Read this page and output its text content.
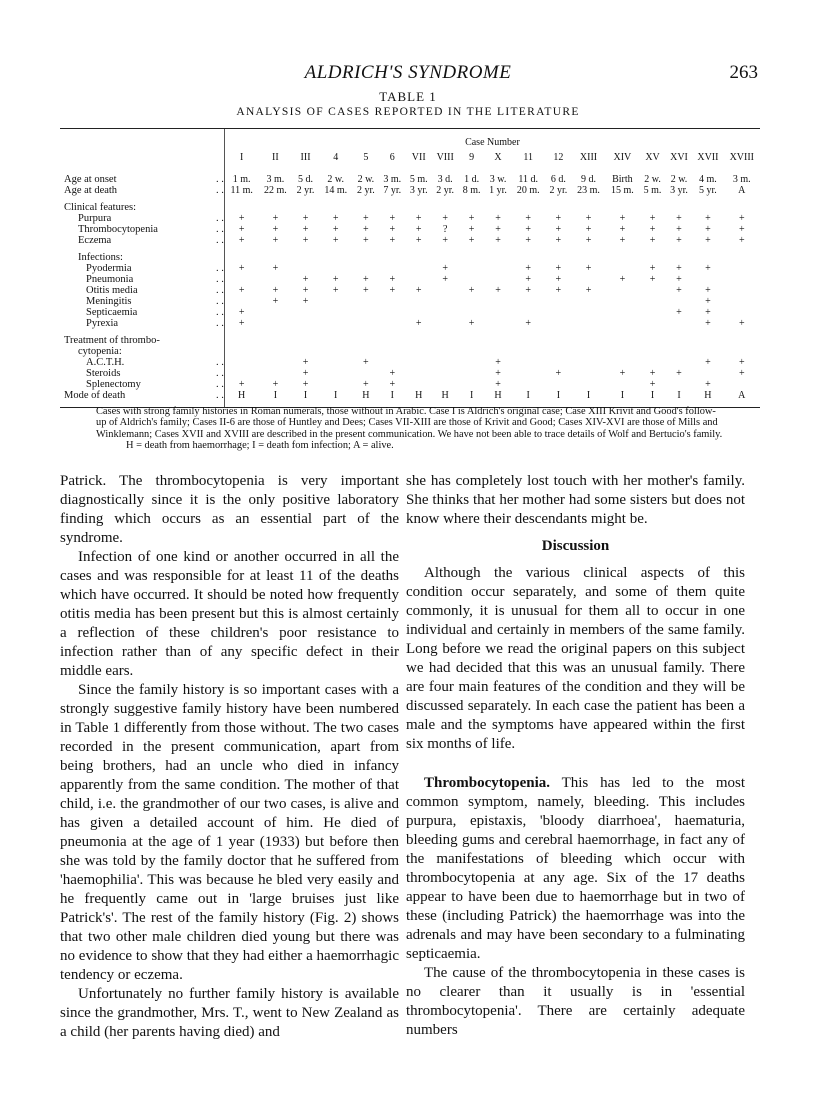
ALDRICH'S SYNDROME	263
TABLE 1
ANALYSIS OF CASES REPORTED IN THE LITERATURE
		Case Number																	
		I	II	III	4	5	6	VII	VIII	9	X	11	12	XIII	XIV	XV	XVI	XVII	XVIII

Age at onset	. .	1 m.	3 m.	5 d.	2 w.	2 w.	3 m.	5 m.	3 d.	1 d.	3 w.	11 d.	6 d.	9 d.	Birth	2 w.	2 w.	4 m.	3 m.
Age at death	. .	11 m.	22 m.	2 yr.	14 m.	2 yr.	7 yr.	3 yr.	2 yr.	8 m.	1 yr.	20 m.	2 yr.	23 m.	15 m.	5 m.	3 yr.	5 yr.	A

Clinical features:																			
Purpura	. .	+	+	+	+	+	+	+	+	+	+	+	+	+	+	+	+	+	+
Thrombocytopenia	. .	+	+	+	+	+	+	+	?	+	+	+	+	+	+	+	+	+	+
Eczema	. .	+	+	+	+	+	+	+	+	+	+	+	+	+	+	+	+	+	+

Infections:																			
Pyodermia	. .	+	+						+			+	+	+		+	+	+	
Pneumonia	. .			+	+	+	+		+			+	+		+	+	+		
Otitis media	. .	+	+	+	+	+	+	+		+	+	+	+	+			+	+	
Meningitis	. .		+	+														+	
Septicaemia	. .	+															+	+	
Pyrexia	. .	+						+		+		+						+	+

Treatment of thrombo-																			
cytopenia:																			
A.C.T.H.	. .			+		+					+							+	+
Steroids	. .			+			+				+		+		+	+	+		+
Splenectomy	. .	+	+	+		+	+				+					+		+	
Mode of death	. .	H	I	I	I	H	I	H	H	I	H	I	I	I	I	I	I	H	A

Cases with strong family histories in Roman numerals, those without in Arabic. Case I is Aldrich's original case; Case XIII Krivit and Good's follow-up of Aldrich's family; Cases II-6 are those of Huntley and Dees; Cases VII-XIII are those of Krivit and Good; Cases XIV-XVI are those of Mills and Winklemann; Cases XVII and XVIII are described in the present communication. We have not been able to trace details of Wolf and Bertucio's family.

H = death from haemorrhage; I = death fom infection; A = alive.

Patrick. The thrombocytopenia is very important diagnostically since it is the only positive laboratory finding which occurs as an essential part of the syndrome.

Infection of one kind or another occurred in all the cases and was responsible for at least 11 of the deaths which have occurred. It should be noted how frequently otitis media has been present but this is almost certainly a reflection of these children's poor resistance to infection rather than of any specific defect in their middle ears.

Since the family history is so important cases with a strongly suggestive family history have been numbered in Table 1 differently from those without. The two cases recorded in the present communication, apart from being brothers, had an uncle who died in infancy apparently from the same condition. The mother of that child, i.e. the grandmother of our two cases, is alive and has given a detailed account of him. He died of pneumonia at the age of 1 year (1933) but before then she was told by the family doctor that he suffered from 'haemophilia'. This was because he bled very easily and he frequently came out in 'large bruises just like Patrick's'. The rest of the family history (Fig. 2) shows that two other male children died young but there was no evidence to show that they had either a haemorrhagic tendency or eczema.

Unfortunately no further family history is available since the grandmother, Mrs. T., went to New Zealand as a child (her parents having died) and

she has completely lost touch with her mother's family. She thinks that her mother had some sisters but does not know where their descendants might be.

Discussion

Although the various clinical aspects of this condition occur separately, and some of them quite commonly, it is unusual for them all to occur in one individual and certainly in members of the same family. Long before we read the original papers on this subject we had decided that this was an unusual family. There are four main features of the condition and they will be discussed separately. In each case the patient has been a male and the symptoms have appeared within the first six months of life.

Thrombocytopenia. This has led to the most common symptom, namely, bleeding. This includes purpura, epistaxis, 'bloody diarrhoea', haematuria, bleeding gums and cerebral haemorrhage, in fact any of the manifestations of bleeding which occur with thrombocytopenia at any age. Six of the 17 deaths appear to have been due to haemorrhage but in two of these (including Patrick) the haemorrhage was into the adrenals and may have been secondary to a fulminating septicaemia.

The cause of the thrombocytopenia in these cases is no clearer than it usually is in 'essential thrombocytopenia'. There are certainly adequate numbers
